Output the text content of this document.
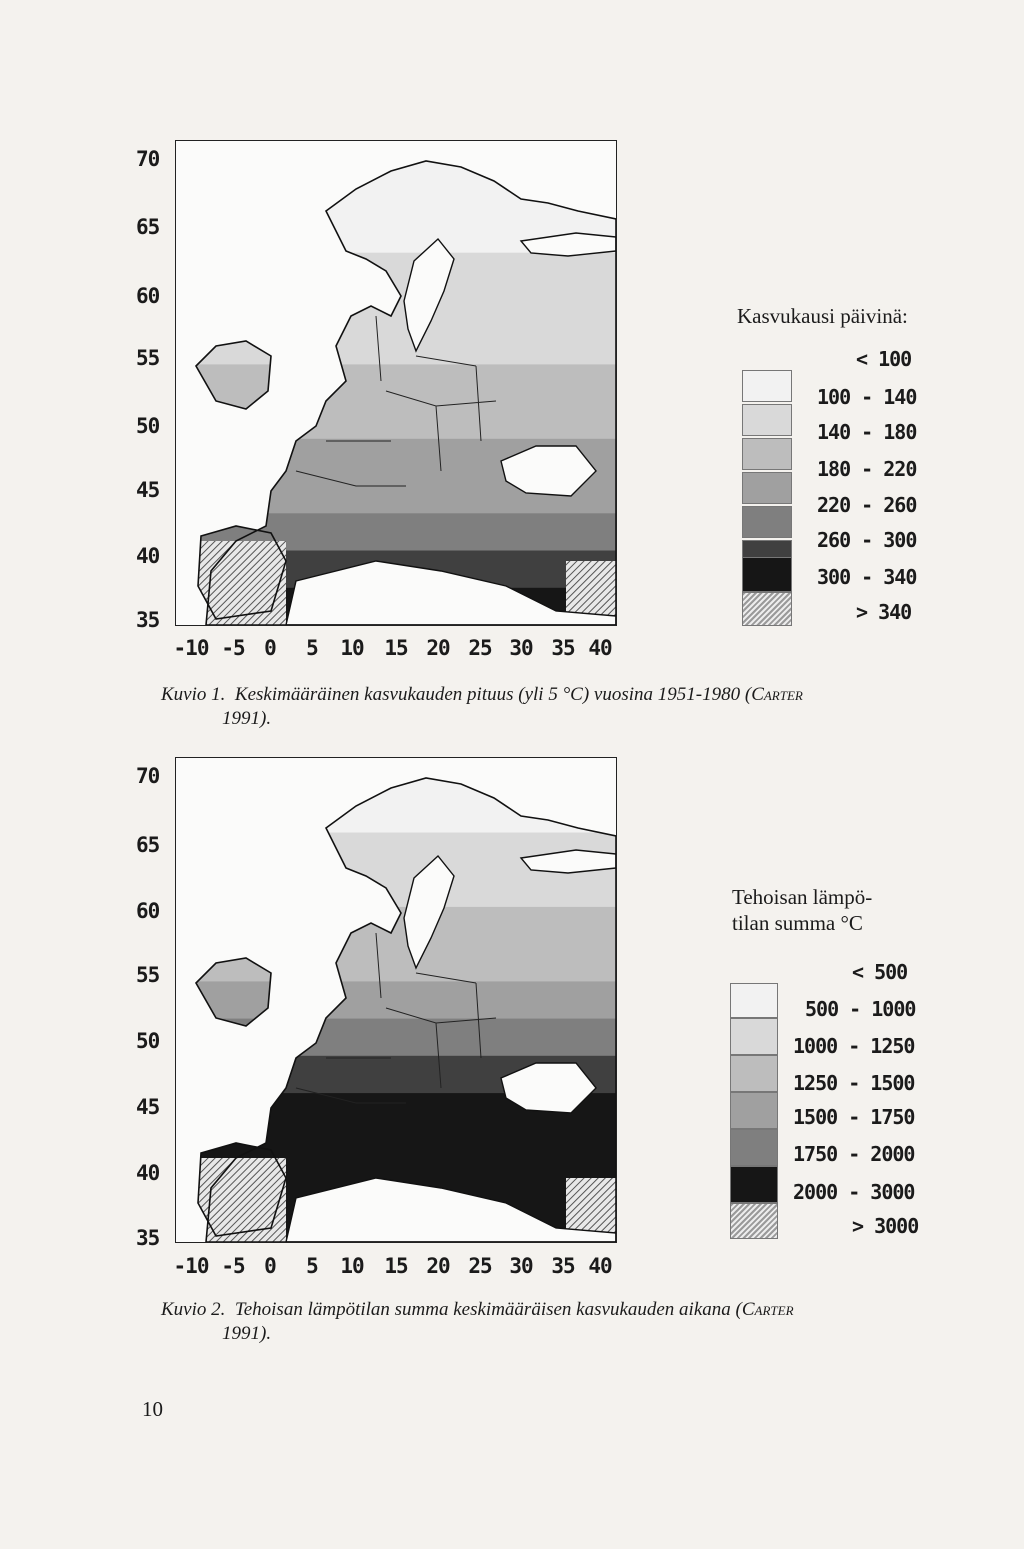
70
65
60
55
50
45
40
35
-10 -5 0 5 10 15 20 25 30 35 40
Kasvukausi päivinä:
< 100
100 - 140
140 - 180
180 - 220
220 - 260
260 - 300
300 - 340
> 340
Kuvio 1. Keskimääräinen kasvukauden pituus (yli 5 °C) vuosina 1951-1980 (Carter
1991).
70
65
60
55
50
45
40
35
-10 -5 0 5 10 15 20 25 30 35 40
Tehoisan lämpö-
tilan summa °C
< 500
500 - 1000
1000 - 1250
1250 - 1500
1500 - 1750
1750 - 2000
2000 - 3000
> 3000
Kuvio 2. Tehoisan lämpötilan summa keskimääräisen kasvukauden aikana (Carter
1991).
10
